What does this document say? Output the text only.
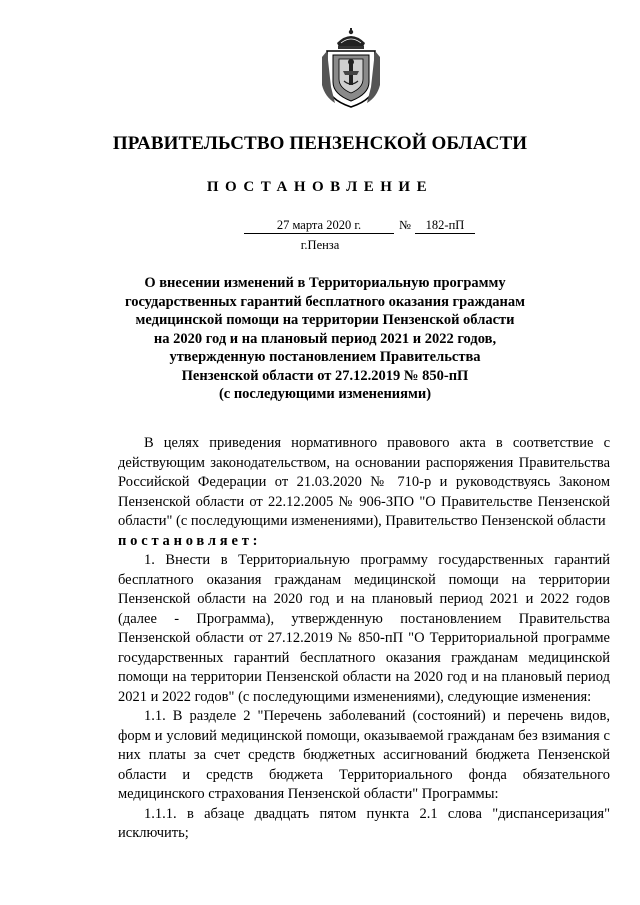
ПРАВИТЕЛЬСТВО ПЕНЗЕНСКОЙ ОБЛАСТИ
ПОСТАНОВЛЕНИЕ
27 марта 2020 г.	№	182-пП
г.Пенза
О внесении изменений в Территориальную программу
государственных гарантий бесплатного оказания гражданам
медицинской помощи на территории Пензенской области
на 2020 год и на плановый период 2021 и 2022 годов,
утвержденную постановлением Правительства
Пензенской области от 27.12.2019 № 850-пП
(с последующими изменениями)

В целях приведения нормативного правового акта в соответствие с действующим законодательством, на основании распоряжения Правительства Российской Федерации от 21.03.2020 № 710-р и руководствуясь Законом Пензенской области от 22.12.2005 № 906-ЗПО "О Правительстве Пензенской области" (с последующими изменениями), Правительство Пензенской области

постановляет:

1. Внести в Территориальную программу государственных гарантий бесплатного оказания гражданам медицинской помощи на территории Пензенской области на 2020 год и на плановый период 2021 и 2022 годов (далее - Программа), утвержденную постановлением Правительства Пензенской области от 27.12.2019 № 850-пП "О Территориальной программе государственных гарантий бесплатного оказания гражданам медицинской помощи на территории Пензенской области на 2020 год и на плановый период 2021 и 2022 годов" (с последующими изменениями), следующие изменения:

1.1. В разделе 2 "Перечень заболеваний (состояний) и перечень видов, форм и условий медицинской помощи, оказываемой гражданам без взимания с них платы за счет средств бюджетных ассигнований бюджета Пензенской области и средств бюджета Территориального фонда обязательного медицинского страхования Пензенской области" Программы:

1.1.1. в абзаце двадцать пятом пункта 2.1 слова "диспансеризация" исключить;
